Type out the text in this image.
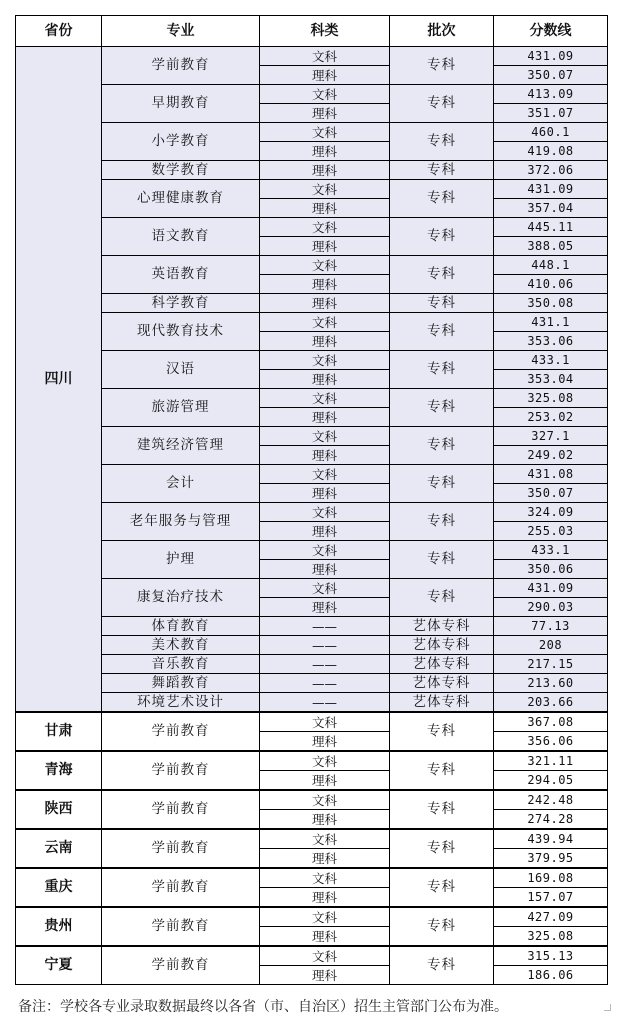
省份	专业	科类	批次	分数线
四川	学前教育	文科	专科	431.09
		理科		350.07
	早期教育	文科	专科	413.09
		理科		351.07
	小学教育	文科	专科	460.1
		理科		419.08
	数学教育	理科	专科	372.06
	心理健康教育	文科	专科	431.09
		理科		357.04
	语文教育	文科	专科	445.11
		理科		388.05
	英语教育	文科	专科	448.1
		理科		410.06
	科学教育	理科	专科	350.08
	现代教育技术	文科	专科	431.1
		理科		353.06
	汉语	文科	专科	433.1
		理科		353.04
	旅游管理	文科	专科	325.08
		理科		253.02
	建筑经济管理	文科	专科	327.1
		理科		249.02
	会计	文科	专科	431.08
		理科		350.07
	老年服务与管理	文科	专科	324.09
		理科		255.03
	护理	文科	专科	433.1
		理科		350.06
	康复治疗技术	文科	专科	431.09
		理科		290.03
	体育教育	——	艺体专科	77.13
	美术教育	——	艺体专科	208
	音乐教育	——	艺体专科	217.15
	舞蹈教育	——	艺体专科	213.60
	环境艺术设计	——	艺体专科	203.66
甘肃	学前教育	文科	专科	367.08
		理科		356.06
青海	学前教育	文科	专科	321.11
		理科		294.05
陕西	学前教育	文科	专科	242.48
		理科		274.28
云南	学前教育	文科	专科	439.94
		理科		379.95
重庆	学前教育	文科	专科	169.08
		理科		157.07
贵州	学前教育	文科	专科	427.09
		理科		325.08
宁夏	学前教育	文科	专科	315.13
		理科		186.06
备注：学校各专业录取数据最终以各省（市、自治区）招生主管部门公布为准。
